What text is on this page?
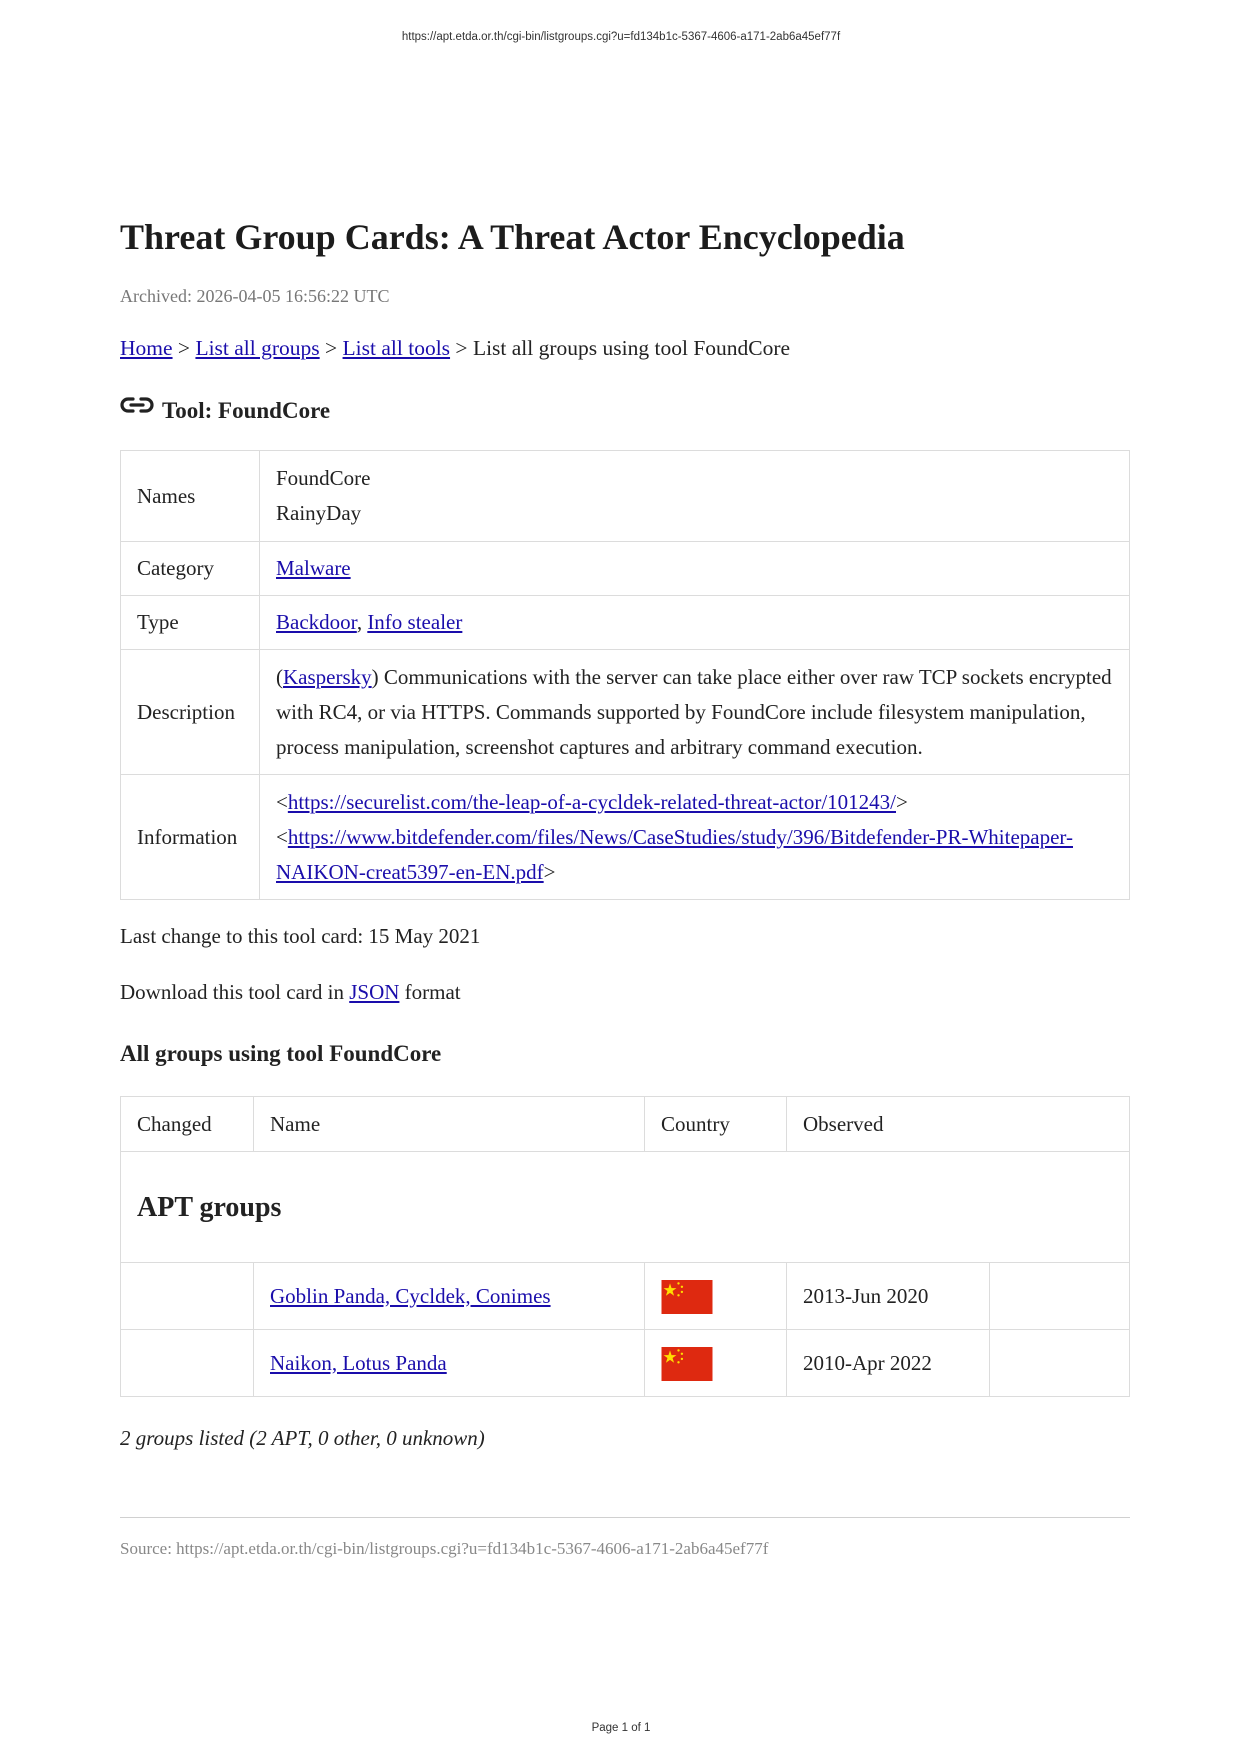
https://apt.etda.or.th/cgi-bin/listgroups.cgi?u=fd134b1c-5367-4606-a171-2ab6a45ef77f
Threat Group Cards: A Threat Actor Encyclopedia
Archived: 2026-04-05 16:56:22 UTC
Home > List all groups > List all tools > List all groups using tool FoundCore
Tool: FoundCore
Names	FoundCore
RainyDay

Category	Malware
Type	Backdoor, Info stealer
Description	(Kaspersky) Communications with the server can take place either over raw TCP sockets encrypted with RC4, or via HTTPS. Commands supported by FoundCore include filesystem manipulation, process manipulation, screenshot captures and arbitrary command execution.
Information	<https://securelist.com/the-leap-of-a-cycldek-related-threat-actor/101243/>
<https://www.bitdefender.com/files/News/CaseStudies/study/396/Bitdefender-PR-Whitepaper-NAIKON-creat5397-en-EN.pdf>
Last change to this tool card: 15 May 2021
Download this tool card in JSON format
All groups using tool FoundCore
Changed	Name	Country	Observed	
APT groups				
	Goblin Panda, Cycldek, Conimes		2013-Jun 2020	
	Naikon, Lotus Panda		2010-Apr 2022	
2 groups listed (2 APT, 0 other, 0 unknown)
Source: https://apt.etda.or.th/cgi-bin/listgroups.cgi?u=fd134b1c-5367-4606-a171-2ab6a45ef77f
Page 1 of 1
